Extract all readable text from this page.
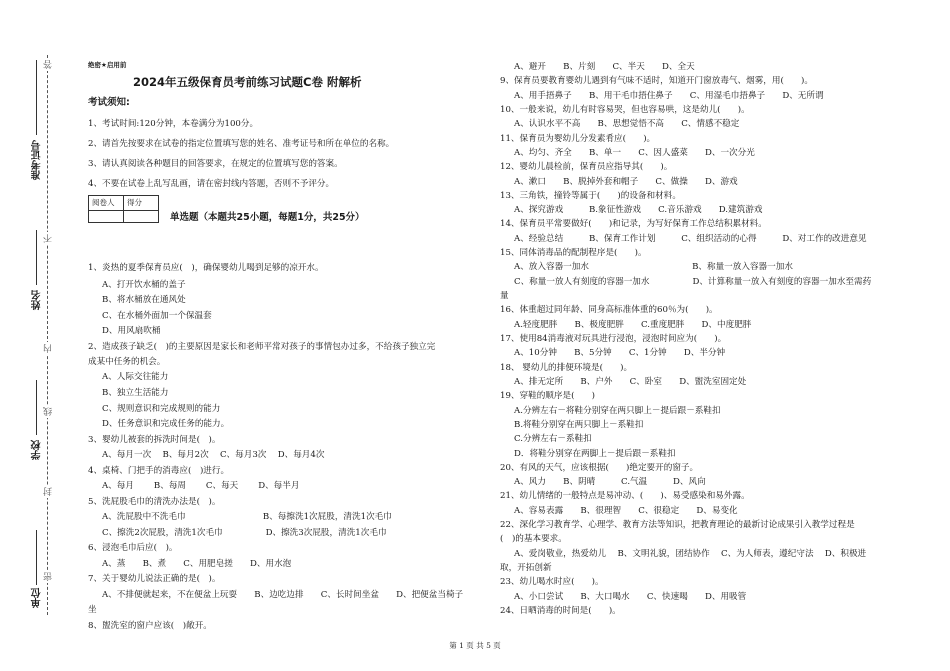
准考证号
姓名
学校
单位
答
不
内
线
封
密
绝密★启用前
2024年五级保育员考前练习试题C卷 附解析
考试须知:
1、考试时间:120分钟，本卷满分为100分。
2、请首先按要求在试卷的指定位置填写您的姓名、准考证号和所在单位的名称。
3、请认真阅读各种题目的回答要求，在规定的位置填写您的答案。
4、不要在试卷上乱写乱画，请在密封线内答题，否则不予评分。
阅卷人	得分

单选题（本题共25小题，每题1分，共25分）
1、炎热的夏季保育员应(　)，确保婴幼儿喝到足够的凉开水。
A、打开饮水桶的盖子
B、将水桶放在通风处
C、在水桶外面加一个保温套
D、用风扇吹桶
2、造成孩子缺乏(　)的主要原因是家长和老师平常对孩子的事情包办过多，不给孩子独立完
成某中任务的机会。
A、人际交往能力
B、独立生活能力
C、规则意识和完成规则的能力
D、任务意识和完成任务的能力。
3、婴幼儿被套的拆洗时间是(　)。
A、每月一次　 B、每月2次　 C、每月3次　 D、每月4次
4、桌椅、门把手的消毒应(　)进行。
A、每月　　 B、每周　　 C、每天　　 D、每半月
5、洗屁股毛巾的清洗办法是(　)。
A、洗屁股中不洗毛巾　　　　　　　　　B、每擦洗1次屁股，清洗1次毛巾
C、擦洗2次屁股，清洗1次毛巾　　　　　D、擦洗3次屁股，清洗1次毛巾
6、浸泡毛巾后应(　)。
A、蒸　　B、煮　　C、用肥皂搓　　D、用水泡
7、关于婴幼儿说法正确的是(　)。
A、不排便就起来，不在便盆上玩耍　　B、边吃边排　　C、长时间坐盆　　D、把便盆当椅子
坐
8、盥洗室的窗户应该(　)敞开。
A、避开　　B、片刻　　C、半天　　D、全天
9、保育员要教育婴幼儿遇到有气味不适时，知道开门窗放毒气、烟雾，用(　　)。
A、用手捂鼻子　　B、用干毛巾捂住鼻子　　C、用湿毛巾捂鼻子　　D、无所谓
10、一般来说，幼儿有时容易哭，但也容易哄，这是幼儿(　　)。
A、认识水平不高　　B、思想觉悟不高　　C、情感不稳定
11、保育员为婴幼儿分发素肴应(　　)。
A、均匀、齐全　　B、单一　　C、因人盛菜　　D、一次分光
12、婴幼儿晨检前，保育员应指导其(　　)。
A、漱口　　B、脱掉外套和帽子　　C、做操　　D、游戏
13、三角铁，撞铃等属于(　　)的设备和材料。
A、探究游戏　　　B.象征性游戏　　C.音乐游戏　　D.建筑游戏
14、保育员平常要做好(　　)和记录，为写好保育工作总结积累材料。
A、经验总结　　　B、保育工作计划　　　C、组织活动的心得　　　D、对工作的改进意见
15、同体消毒品的配制程序是(　　)。
A、放入容器一加水　　　　　　　　　　　　B、称量一放入容器一加水
C、称量一放人有刻度的容器一加水　　　　　D、计算称量一放入有刻度的容器一加水至需药
量
16、体重超过同年龄、同身高标准体重的60％为(　　)。
A.轻度肥胖　　B、极度肥胖　　C.重度肥胖　　D、中度肥胖
17、使用84消毒液对玩具进行浸泡，浸泡时间应为(　　)。
A、10分钟　　B、5分钟　　C、1分钟　　D、半分钟
18、 婴幼儿的排便环境是(　　)。
A、排无定所　　B、户外　　C、卧室　　D、盥洗室固定处
19、穿鞋的顺序是(　　)
A.分辨左右－将鞋分别穿在两只脚上－提后跟－系鞋扣
B.将鞋分别穿在两只脚上－系鞋扣
C.分辨左右－系鞋扣
D．将鞋分别穿在两脚上－提后跟－系鞋扣
20、有风的天气，应该根据(　　)绝定要开的窗子。
A、风力　　B、阴晴　　　C.气温　　　D、风向
21、幼儿情绪的一般特点是易冲动、(　　)、易受感染和易外露。
A、容易表露　　B、很理智　　C、很稳定　　D、易变化
22、深化学习教育学、心理学、教育方法等知识，把教育理论的最新讨论成果引入教学过程是
(　)的基本要求。
A、爱岗敬业，热爱幼儿　 B、文明礼貌，团结协作　 C、为人师表，遵纪守法　 D、积极进
取，开拓创新
23、幼儿喝水时应(　　)。
A、小口尝试　　B、大口喝水　　C、快速喝　　D、用吸管
24、日晒消毒的时间是(　　)。
第 1 页 共 5 页
